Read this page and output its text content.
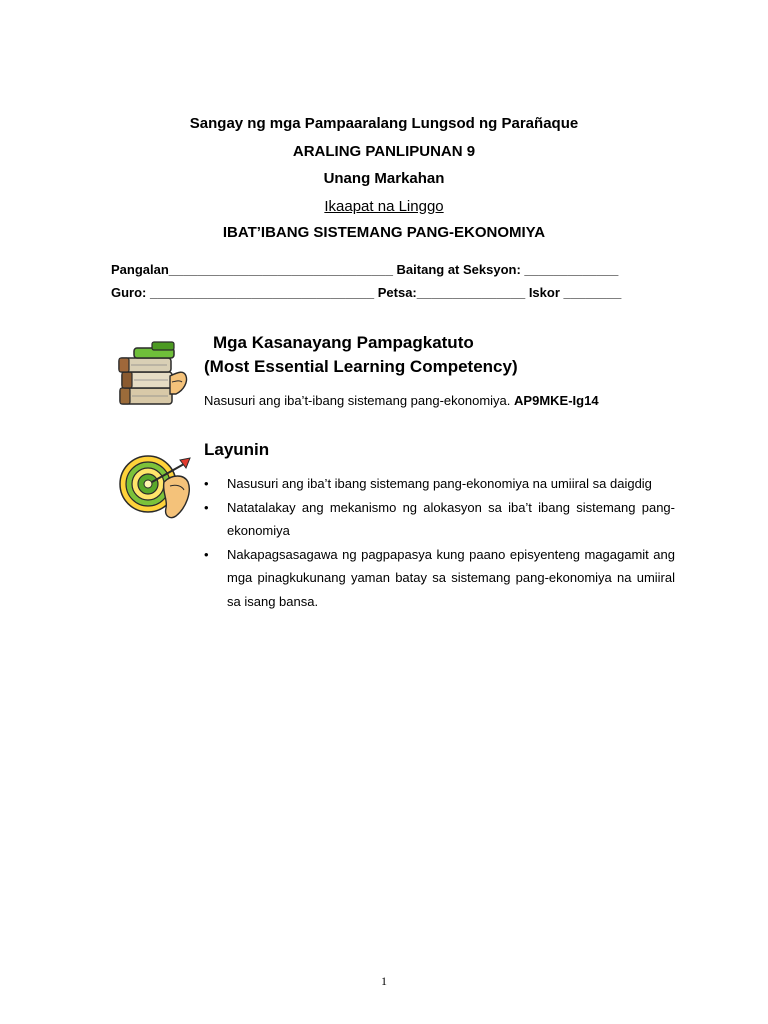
Sangay ng mga Pampaaralang Lungsod ng Parañaque
ARALING PANLIPUNAN 9
Unang Markahan
Ikaapat na Linggo
IBAT’IBANG SISTEMANG PANG-EKONOMIYA
Pangalan_______________________________ Baitang at Seksyon: _____________
Guro: _______________________________ Petsa:_______________ Iskor ________
Mga Kasanayang Pampagkatuto
(Most Essential Learning Competency)
Nasusuri ang iba’t-ibang sistemang pang-ekonomiya. AP9MKE-Ig14
Layunin
• Nasusuri ang iba’t ibang sistemang pang-ekonomiya na umiiral sa daigdig
• Natatalakay ang mekanismo ng alokasyon sa iba’t ibang sistemang pang-ekonomiya
• Nakapagsasagawa ng pagpapasya kung paano episyenteng magagamit ang mga pinagkukunang yaman batay sa sistemang pang-ekonomiya na umiiral sa isang bansa.
1
